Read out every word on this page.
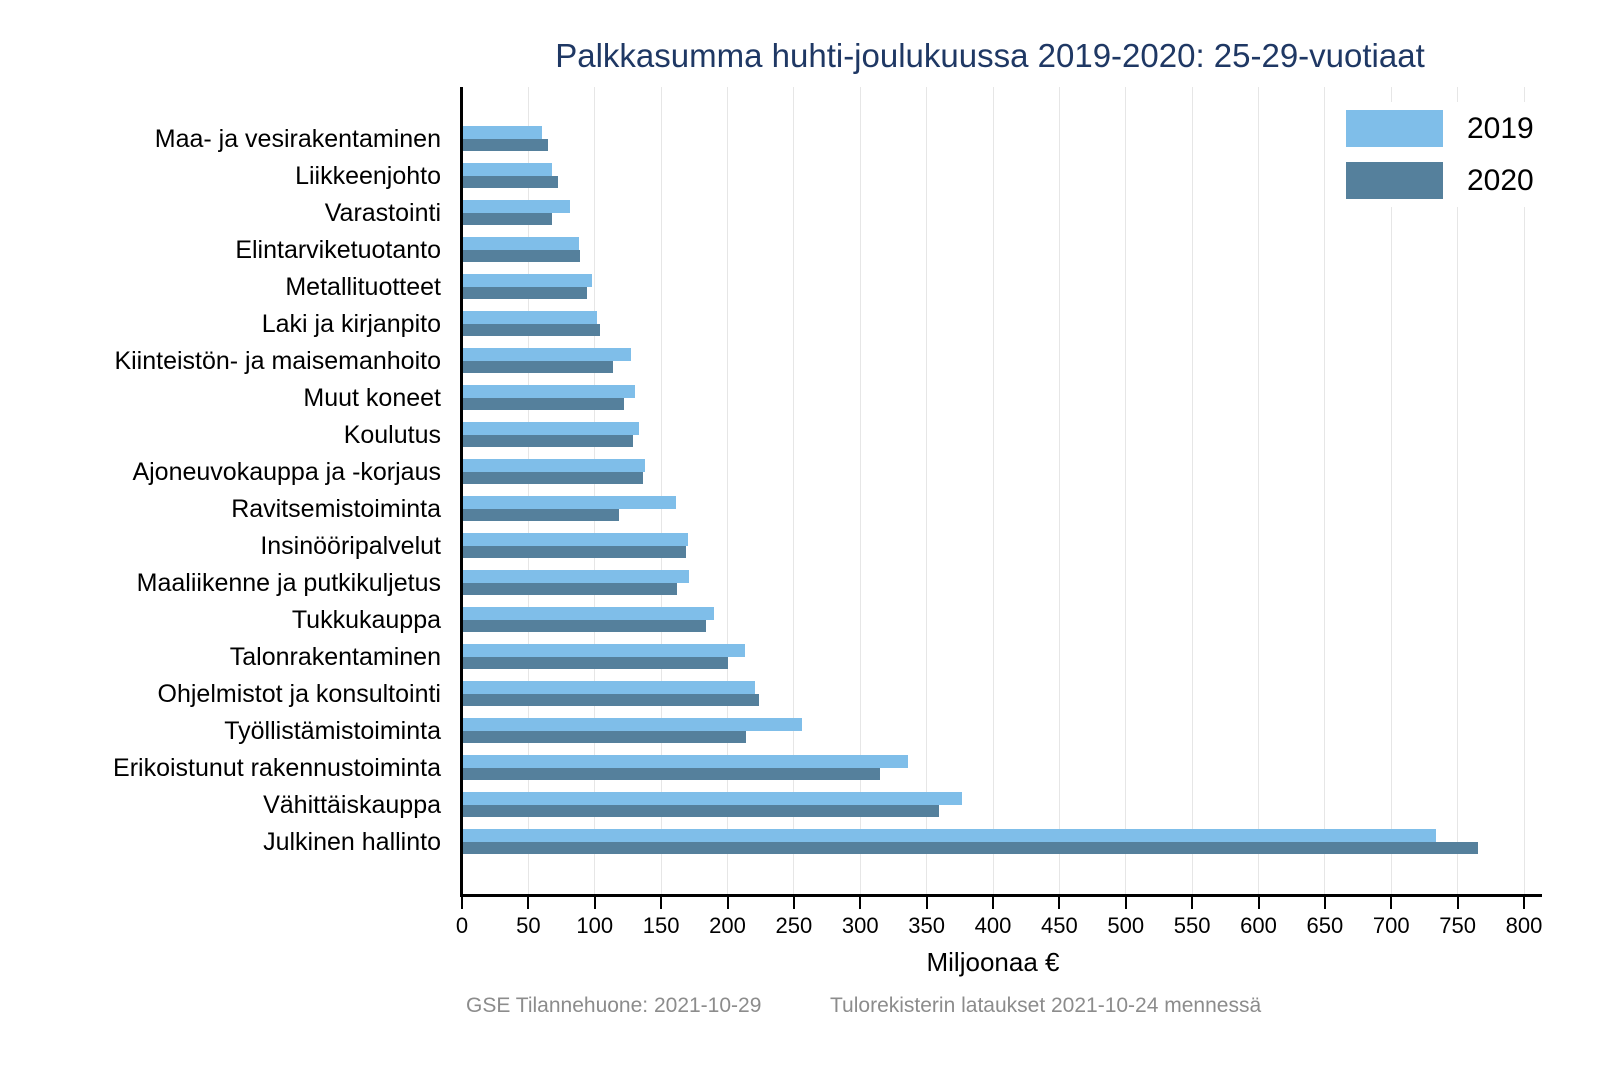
Palkkasumma huhti-joulukuussa 2019-2020: 25-29-vuotiaat
Maa- ja vesirakentaminen
Liikkeenjohto
Varastointi
Elintarviketuotanto
Metallituotteet
Laki ja kirjanpito
Kiinteistön- ja maisemanhoito
Muut koneet
Koulutus
Ajoneuvokauppa ja -korjaus
Ravitsemistoiminta
Insinööripalvelut
Maaliikenne ja putkikuljetus
Tukkukauppa
Talonrakentaminen
Ohjelmistot ja konsultointi
Työllistämistoiminta
Erikoistunut rakennustoiminta
Vähittäiskauppa
Julkinen hallinto
0	50	100	150	200	250	300	350	400	450	500	550	600	650	700	750	800
Miljoonaa €
2019
2020
GSE Tilannehuone: 2021-10-29	Tulorekisterin lataukset 2021-10-24 mennessä
